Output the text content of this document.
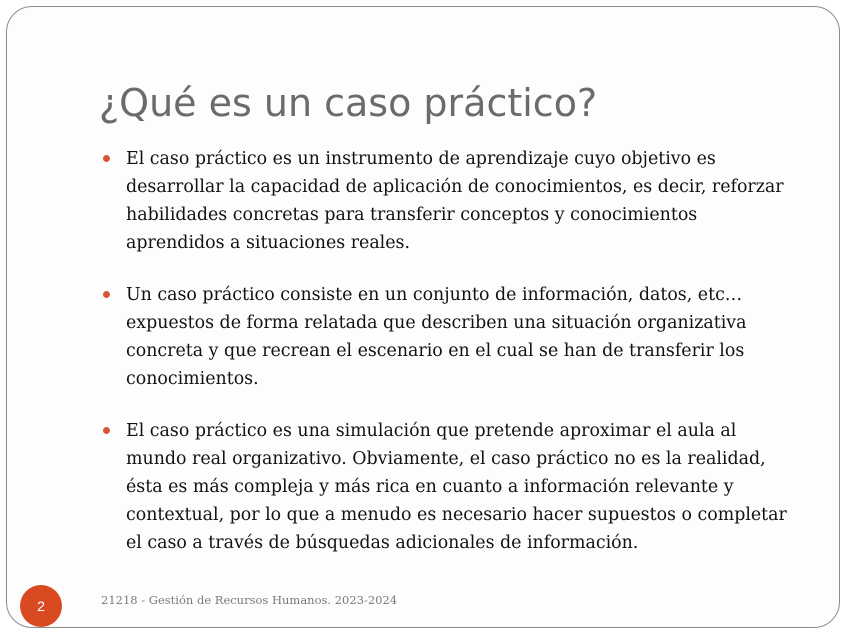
¿Qué es un caso práctico?
El caso práctico es un instrumento de aprendizaje cuyo objetivo es desarrollar la capacidad de aplicación de conocimientos, es decir, reforzar habilidades concretas para transferir conceptos y conocimientos aprendidos a situaciones reales.
Un caso práctico consiste en un conjunto de información, datos, etc… expuestos de forma relatada que describen una situación organizativa concreta y que recrean el escenario en el cual se han de transferir los conocimientos.
El caso práctico es una simulación que pretende aproximar el aula al mundo real organizativo. Obviamente, el caso práctico no es la realidad, ésta es más compleja y más rica en cuanto a información relevante y contextual, por lo que a menudo es necesario hacer supuestos o completar el caso a través de búsquedas adicionales de información.
2	21218 - Gestión de Recursos Humanos. 2023-2024
